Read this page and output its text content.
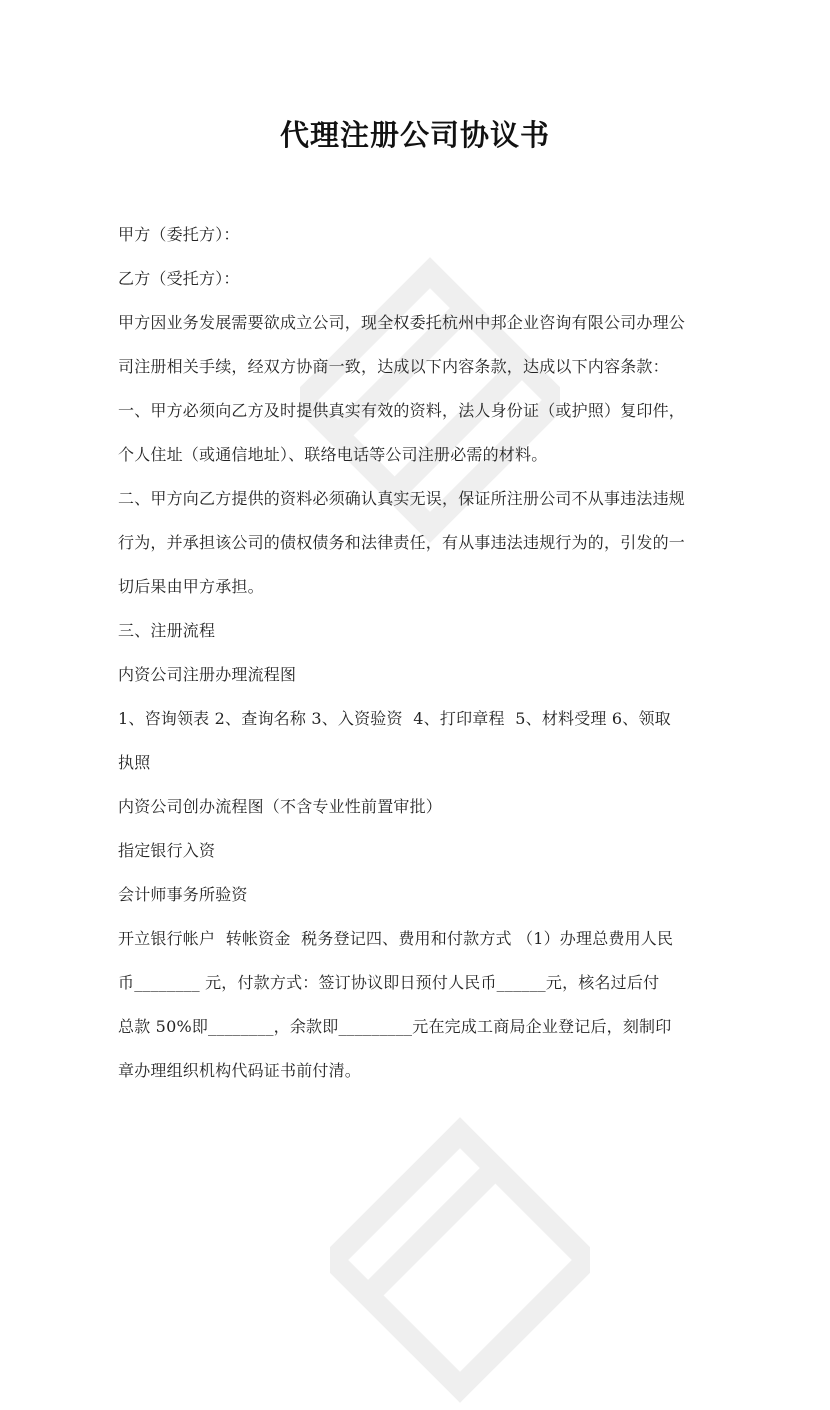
代理注册公司协议书
甲方（委托方）：
乙方（受托方）：
甲方因业务发展需要欲成立公司，现全权委托杭州中邦企业咨询有限公司办理公
司注册相关手续，经双方协商一致，达成以下内容条款，达成以下内容条款：
一、甲方必须向乙方及时提供真实有效的资料，法人身份证（或护照）复印件，
个人住址（或通信地址）、联络电话等公司注册必需的材料。
二、甲方向乙方提供的资料必须确认真实无误，保证所注册公司不从事违法违规
行为，并承担该公司的债权债务和法律责任，有从事违法违规行为的，引发的一
切后果由甲方承担。
三、注册流程
内资公司注册办理流程图
1、咨询领表 2、查询名称 3、入资验资  4、打印章程  5、材料受理 6、领取
执照
内资公司创办流程图（不含专业性前置审批）
指定银行入资
会计师事务所验资
开立银行帐户  转帐资金  税务登记四、费用和付款方式 （1）办理总费用人民
币________ 元，付款方式：签订协议即日预付人民币______元，核名过后付
总款 50%即________，余款即_________元在完成工商局企业登记后，刻制印
章办理组织机构代码证书前付清。
